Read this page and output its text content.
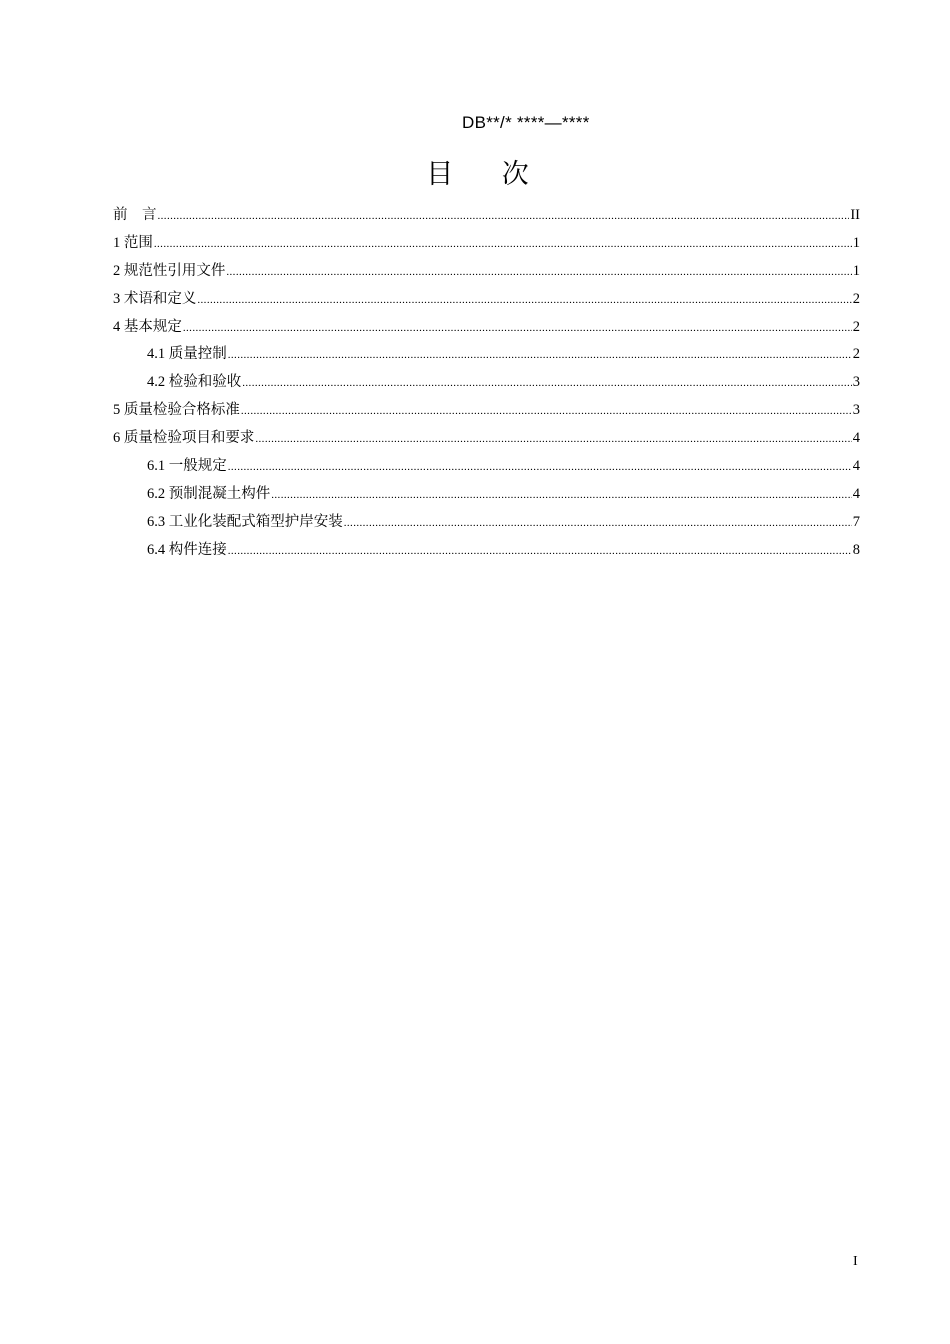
DB**/* ****—****
目 次
前　言 .....	II
1 范围 .....	1
2 规范性引用文件 .....	1
3 术语和定义 .....	2
4 基本规定 .....	2
4.1 质量控制 .....	2
4.2 检验和验收 .....	3
5 质量检验合格标准 .....	3
6 质量检验项目和要求 .....	4
6.1 一般规定 .....	4
6.2 预制混凝土构件 .....	4
6.3 工业化装配式箱型护岸安装 .....	7
6.4 构件连接 .....	8
I
